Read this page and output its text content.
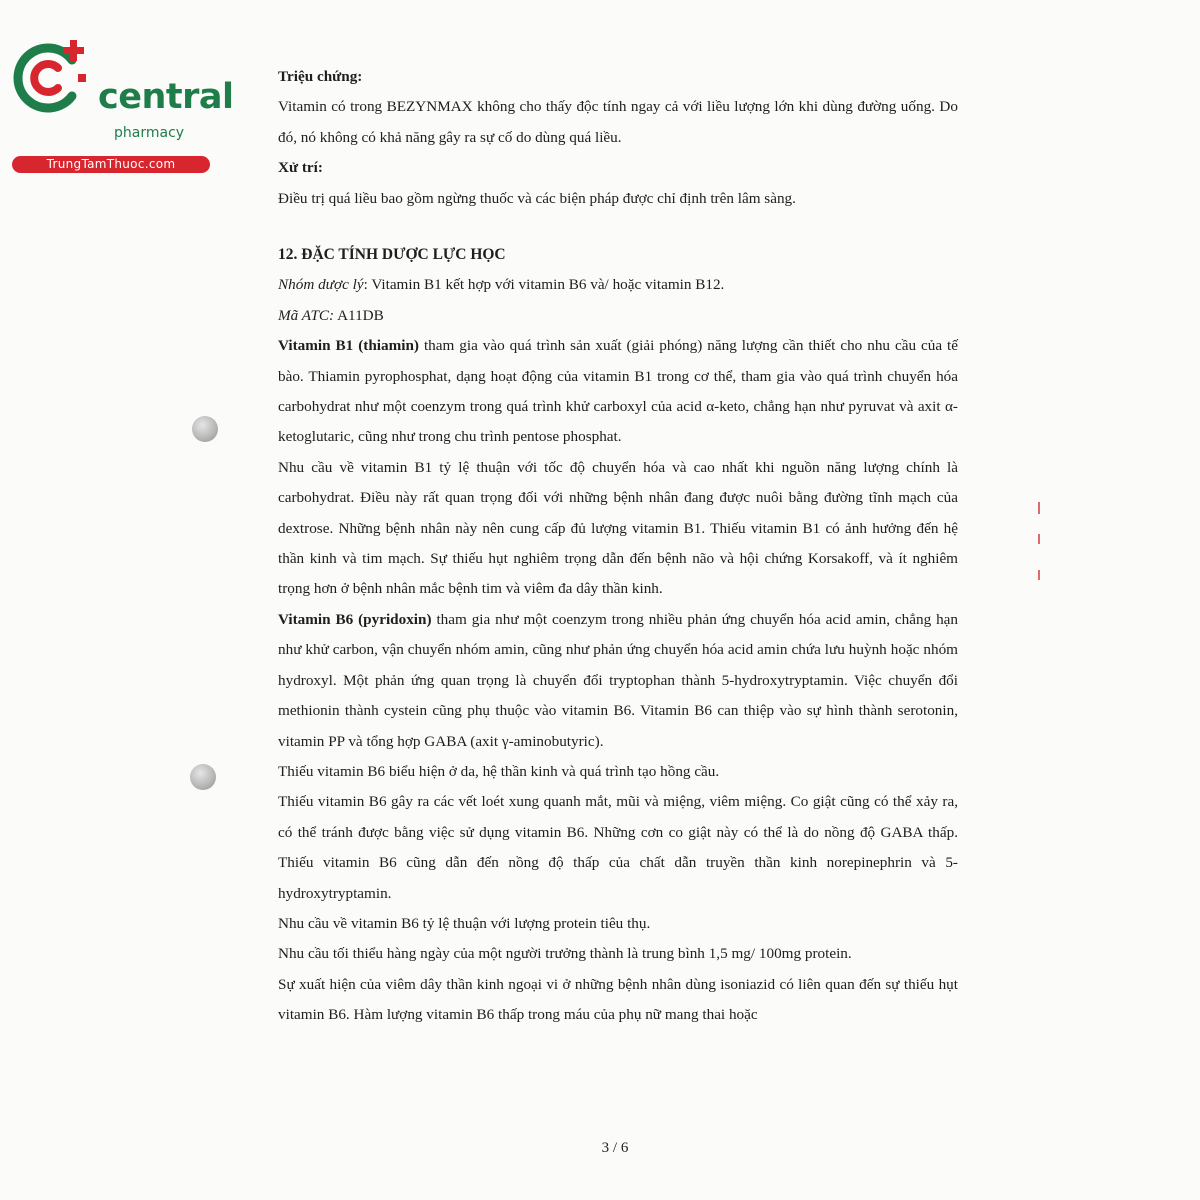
central
pharmacy
TrungTamThuoc.com

Triệu chứng:

Vitamin có trong BEZYNMAX không cho thấy độc tính ngay cả với liều lượng lớn khi dùng đường uống. Do đó, nó không có khả năng gây ra sự cố do dùng quá liều.

Xử trí:

Điều trị quá liều bao gồm ngừng thuốc và các biện pháp được chỉ định trên lâm sàng.

12. ĐẶC TÍNH DƯỢC LỰC HỌC

Nhóm dược lý: Vitamin B1 kết hợp với vitamin B6 và/ hoặc vitamin B12.

Mã ATC: A11DB

Vitamin B1 (thiamin) tham gia vào quá trình sản xuất (giải phóng) năng lượng cần thiết cho nhu cầu của tế bào. Thiamin pyrophosphat, dạng hoạt động của vitamin B1 trong cơ thể, tham gia vào quá trình chuyển hóa carbohydrat như một coenzym trong quá trình khử carboxyl của acid α-keto, chẳng hạn như pyruvat và axit α-ketoglutaric, cũng như trong chu trình pentose phosphat.

Nhu cầu về vitamin B1 tỷ lệ thuận với tốc độ chuyển hóa và cao nhất khi nguồn năng lượng chính là carbohydrat. Điều này rất quan trọng đối với những bệnh nhân đang được nuôi bằng đường tĩnh mạch của dextrose. Những bệnh nhân này nên cung cấp đủ lượng vitamin B1. Thiếu vitamin B1 có ảnh hưởng đến hệ thần kinh và tim mạch. Sự thiếu hụt nghiêm trọng dẫn đến bệnh não và hội chứng Korsakoff, và ít nghiêm trọng hơn ở bệnh nhân mắc bệnh tim và viêm đa dây thần kinh.

Vitamin B6 (pyridoxin) tham gia như một coenzym trong nhiều phản ứng chuyển hóa acid amin, chẳng hạn như khử carbon, vận chuyển nhóm amin, cũng như phản ứng chuyển hóa acid amin chứa lưu huỳnh hoặc nhóm hydroxyl. Một phản ứng quan trọng là chuyển đổi tryptophan thành 5-hydroxytryptamin. Việc chuyển đổi methionin thành cystein cũng phụ thuộc vào vitamin B6. Vitamin B6 can thiệp vào sự hình thành serotonin, vitamin PP và tổng hợp GABA (axit γ-aminobutyric).

Thiếu vitamin B6 biểu hiện ở da, hệ thần kinh và quá trình tạo hồng cầu.

Thiếu vitamin B6 gây ra các vết loét xung quanh mắt, mũi và miệng, viêm miệng. Co giật cũng có thể xảy ra, có thể tránh được bằng việc sử dụng vitamin B6. Những cơn co giật này có thể là do nồng độ GABA thấp. Thiếu vitamin B6 cũng dẫn đến nồng độ thấp của chất dẫn truyền thần kinh norepinephrin và 5-hydroxytryptamin.

Nhu cầu về vitamin B6 tỷ lệ thuận với lượng protein tiêu thụ.

Nhu cầu tối thiểu hàng ngày của một người trưởng thành là trung bình 1,5 mg/ 100mg protein.

Sự xuất hiện của viêm dây thần kinh ngoại vi ở những bệnh nhân dùng isoniazid có liên quan đến sự thiếu hụt vitamin B6. Hàm lượng vitamin B6 thấp trong máu của phụ nữ mang thai hoặc

3 / 6
